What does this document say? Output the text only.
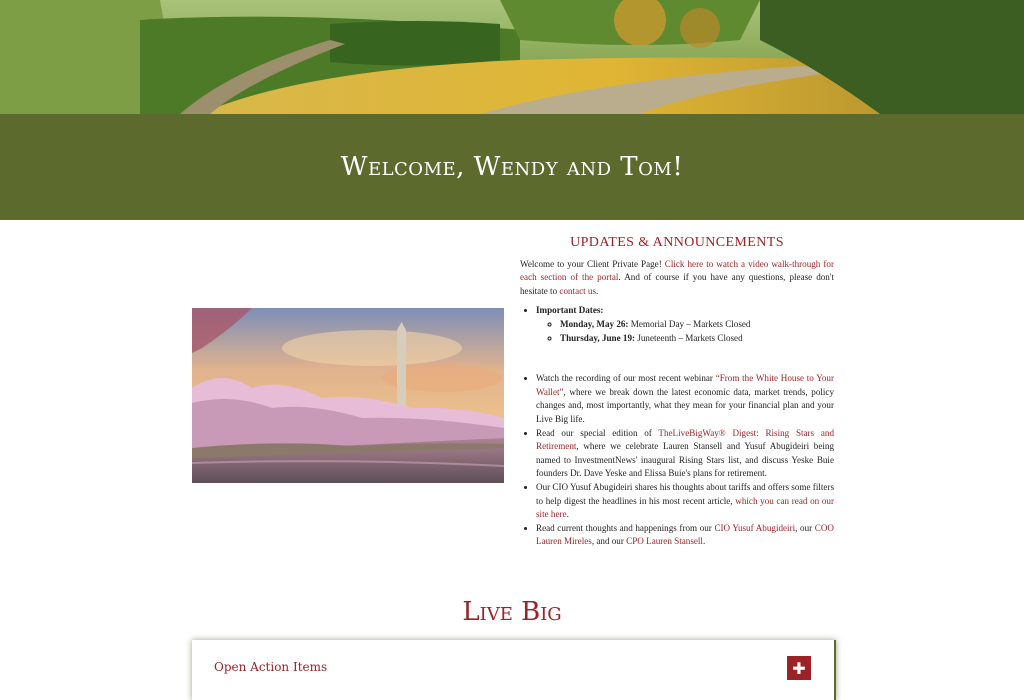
Welcome, Wendy and Tom!
UPDATES & ANNOUNCEMENTS

Welcome to your Client Private Page! Click here to watch a video walk-through for each section of the portal. And of course if you have any questions, please don't hesitate to contact us.

• Important Dates:
◦ Monday, May 26: Memorial Day – Markets Closed
◦ Thursday, June 19: Juneteenth – Markets Closed
• Watch the recording of our most recent webinar “From the White House to Your Wallet”, where we break down the latest economic data, market trends, policy changes and, most importantly, what they mean for your financial plan and your Live Big life.
• Read our special edition of TheLiveBigWay® Digest: Rising Stars and Retirement, where we celebrate Lauren Stansell and Yusuf Abugideiri being named to InvestmentNews' inaugural Rising Stars list, and discuss Yeske Buie founders Dr. Dave Yeske and Elissa Buie's plans for retirement.
• Our CIO Yusuf Abugideiri shares his thoughts about tariffs and offers some filters to help digest the headlines in his most recent article, which you can read on our site here.
• Read current thoughts and happenings from our CIO Yusuf Abugideiri, our COO Lauren Mireles, and our CPO Lauren Stansell.
Live Big
Open Action Items	✚
